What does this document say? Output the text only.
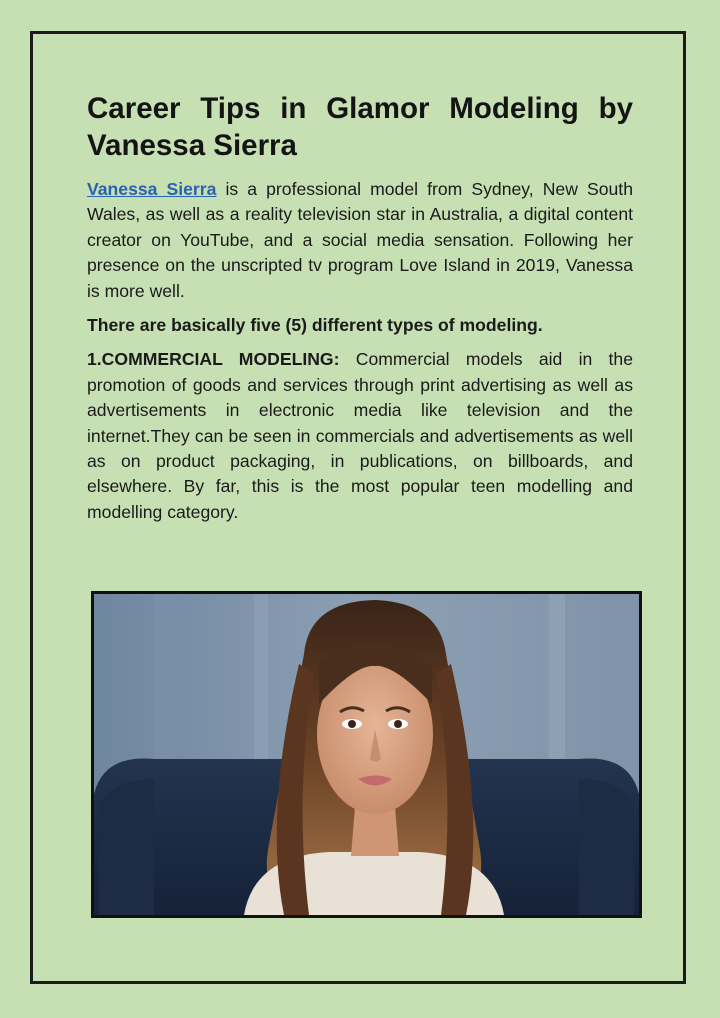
Career Tips in Glamor Modeling by Vanessa Sierra

Vanessa Sierra is a professional model from Sydney, New South Wales, as well as a reality television star in Australia, a digital content creator on YouTube, and a social media sensation. Following her presence on the unscripted tv program Love Island in 2019, Vanessa is more well.

There are basically five (5) different types of modeling.

1.COMMERCIAL MODELING: Commercial models aid in the promotion of goods and services through print advertising as well as advertisements in electronic media like television and the internet.They can be seen in commercials and advertisements as well as on product packaging, in publications, on billboards, and elsewhere. By far, this is the most popular teen modelling and modelling category.
